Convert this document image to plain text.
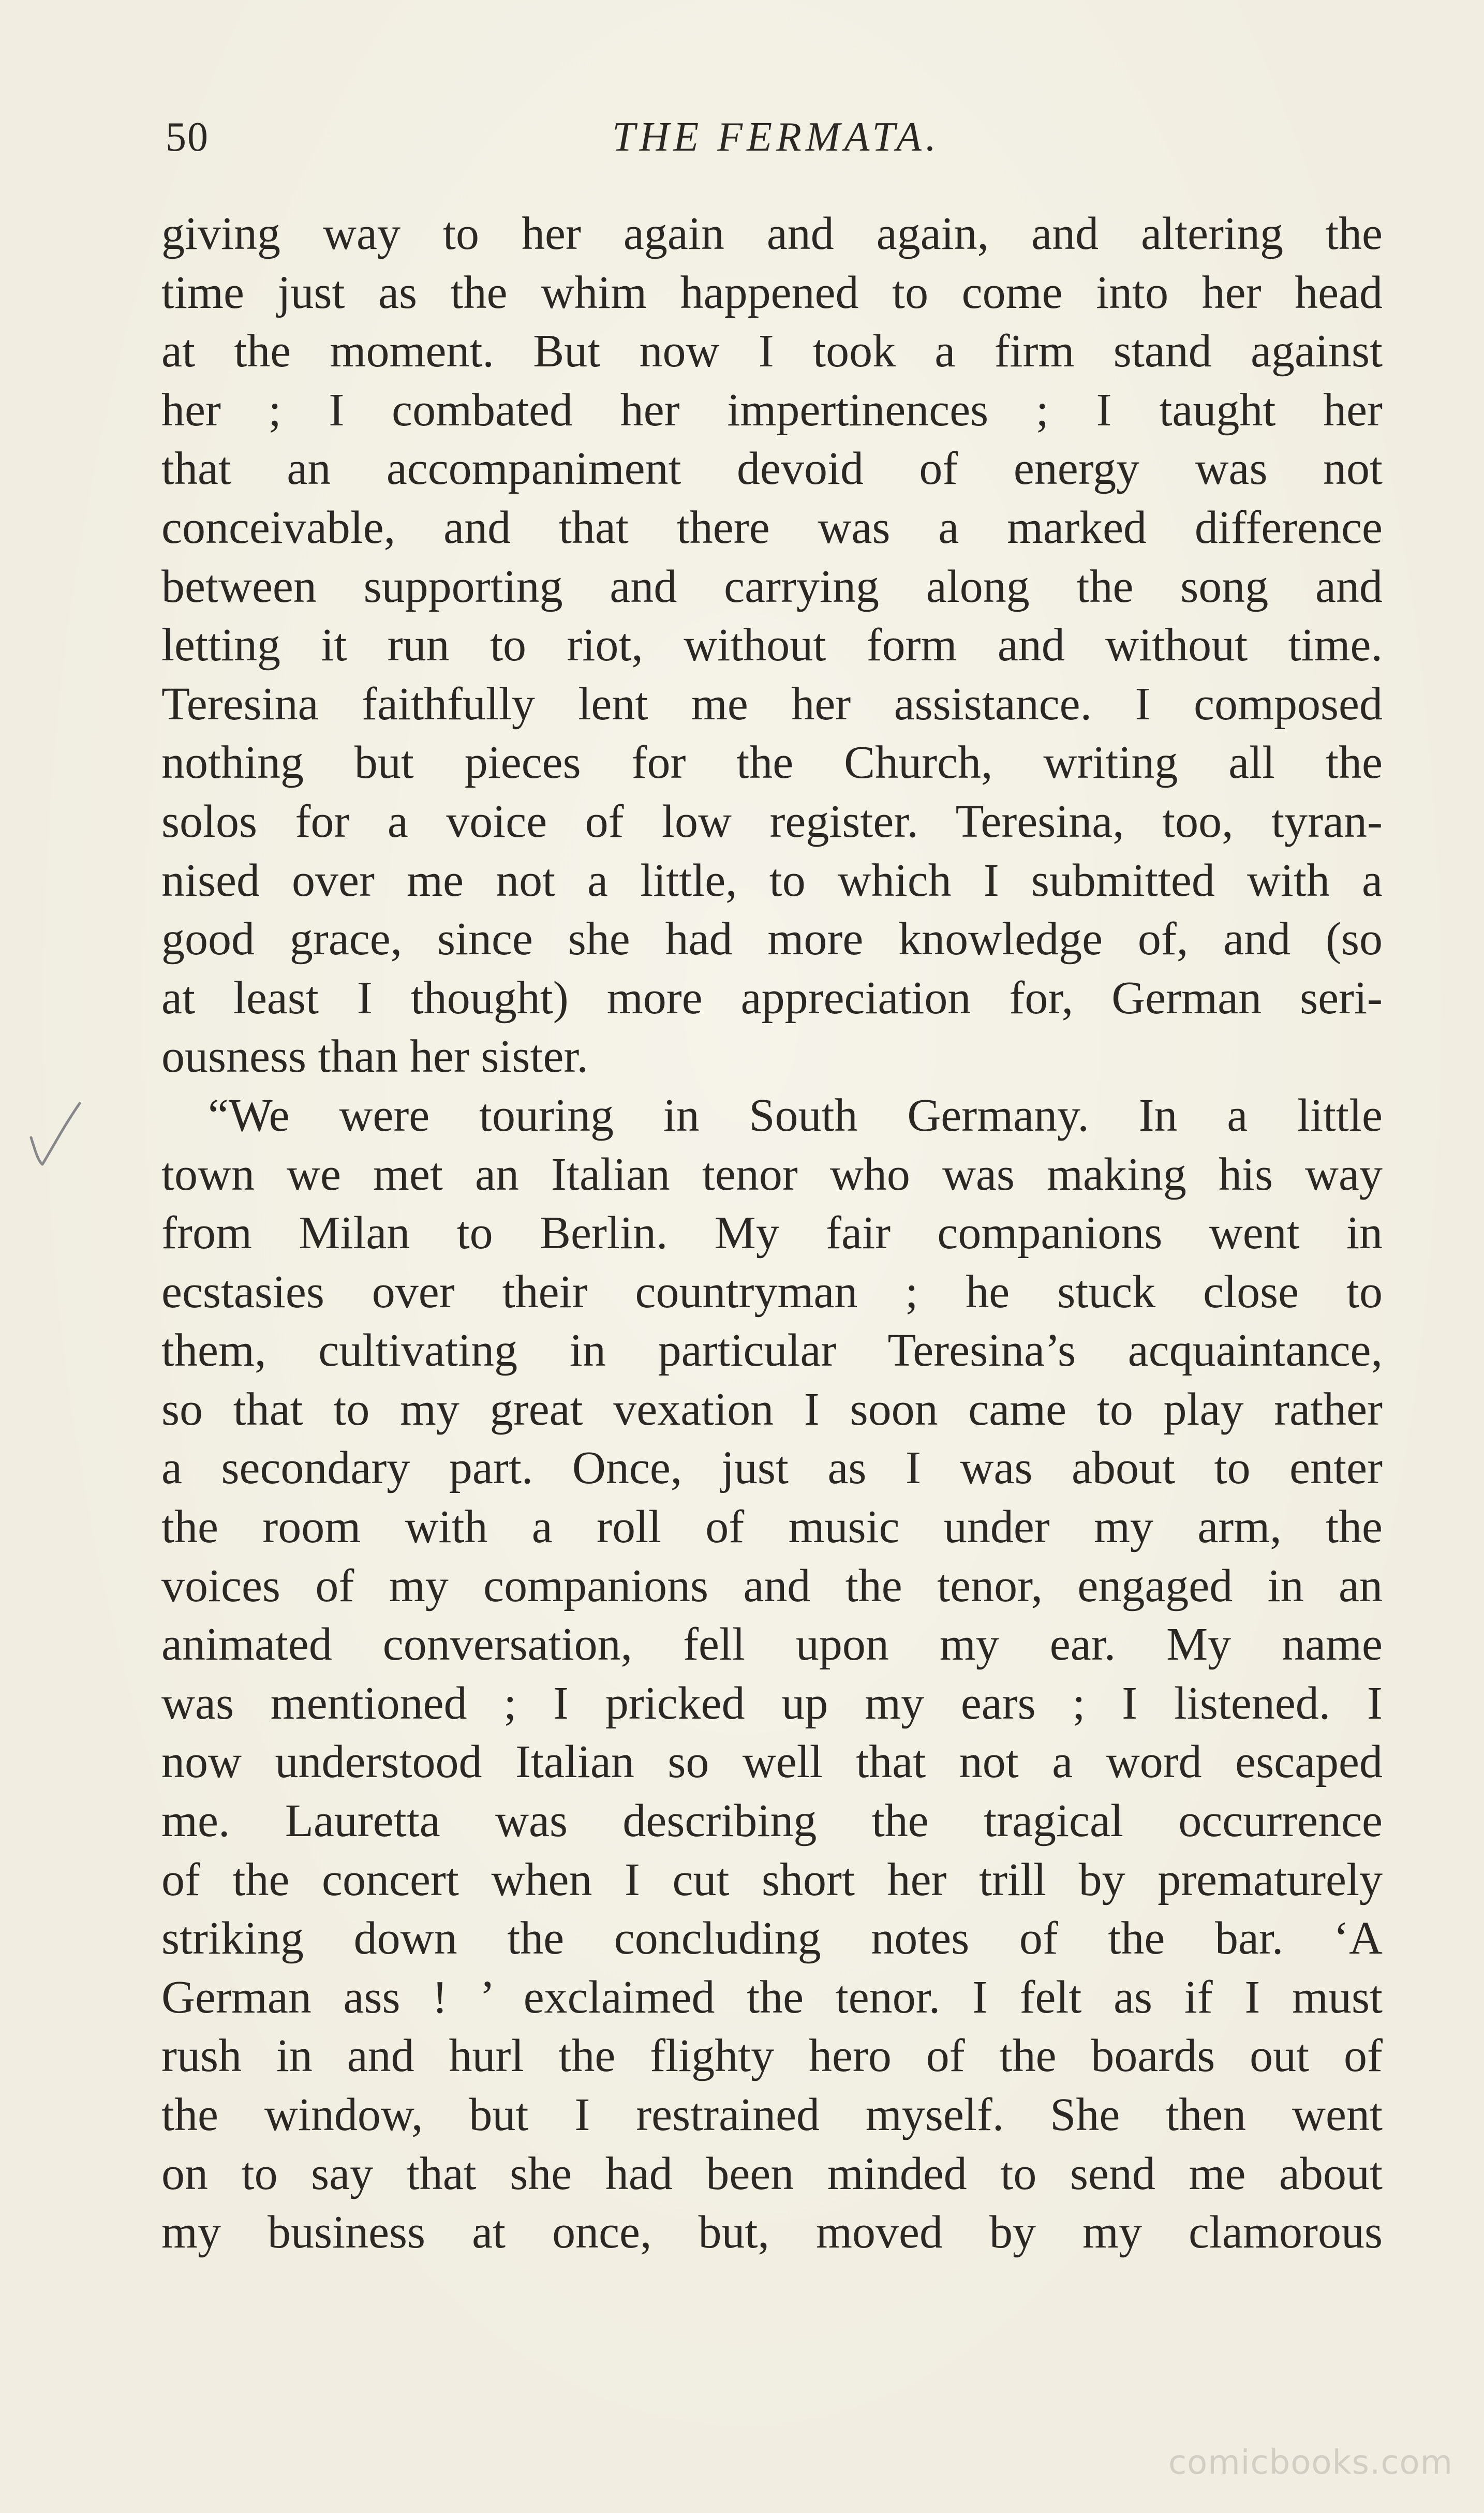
50	THE FERMATA.
giving way to her again and again, and altering the
time just as the whim happened to come into her head
at the moment. But now I took a firm stand against
her ; I combated her impertinences ; I taught her
that an accompaniment devoid of energy was not
conceivable, and that there was a marked difference
between supporting and carrying along the song and
letting it run to riot, without form and without time.
Teresina faithfully lent me her assistance. I composed
nothing but pieces for the Church, writing all the
solos for a voice of low register. Teresina, too, tyran-
nised over me not a little, to which I submitted with a
good grace, since she had more knowledge of, and (so
at least I thought) more appreciation for, German seri-
ousness than her sister.
“We were touring in South Germany. In a little
town we met an Italian tenor who was making his way
from Milan to Berlin. My fair companions went in
ecstasies over their countryman ; he stuck close to
them, cultivating in particular Teresina’s acquaintance,
so that to my great vexation I soon came to play rather
a secondary part. Once, just as I was about to enter
the room with a roll of music under my arm, the
voices of my companions and the tenor, engaged in an
animated conversation, fell upon my ear. My name
was mentioned ; I pricked up my ears ; I listened. I
now understood Italian so well that not a word escaped
me. Lauretta was describing the tragical occurrence
of the concert when I cut short her trill by prematurely
striking down the concluding notes of the bar. ‘A
German ass ! ’ exclaimed the tenor. I felt as if I must
rush in and hurl the flighty hero of the boards out of
the window, but I restrained myself. She then went
on to say that she had been minded to send me about
my business at once, but, moved by my clamorous
comicbooks.com
